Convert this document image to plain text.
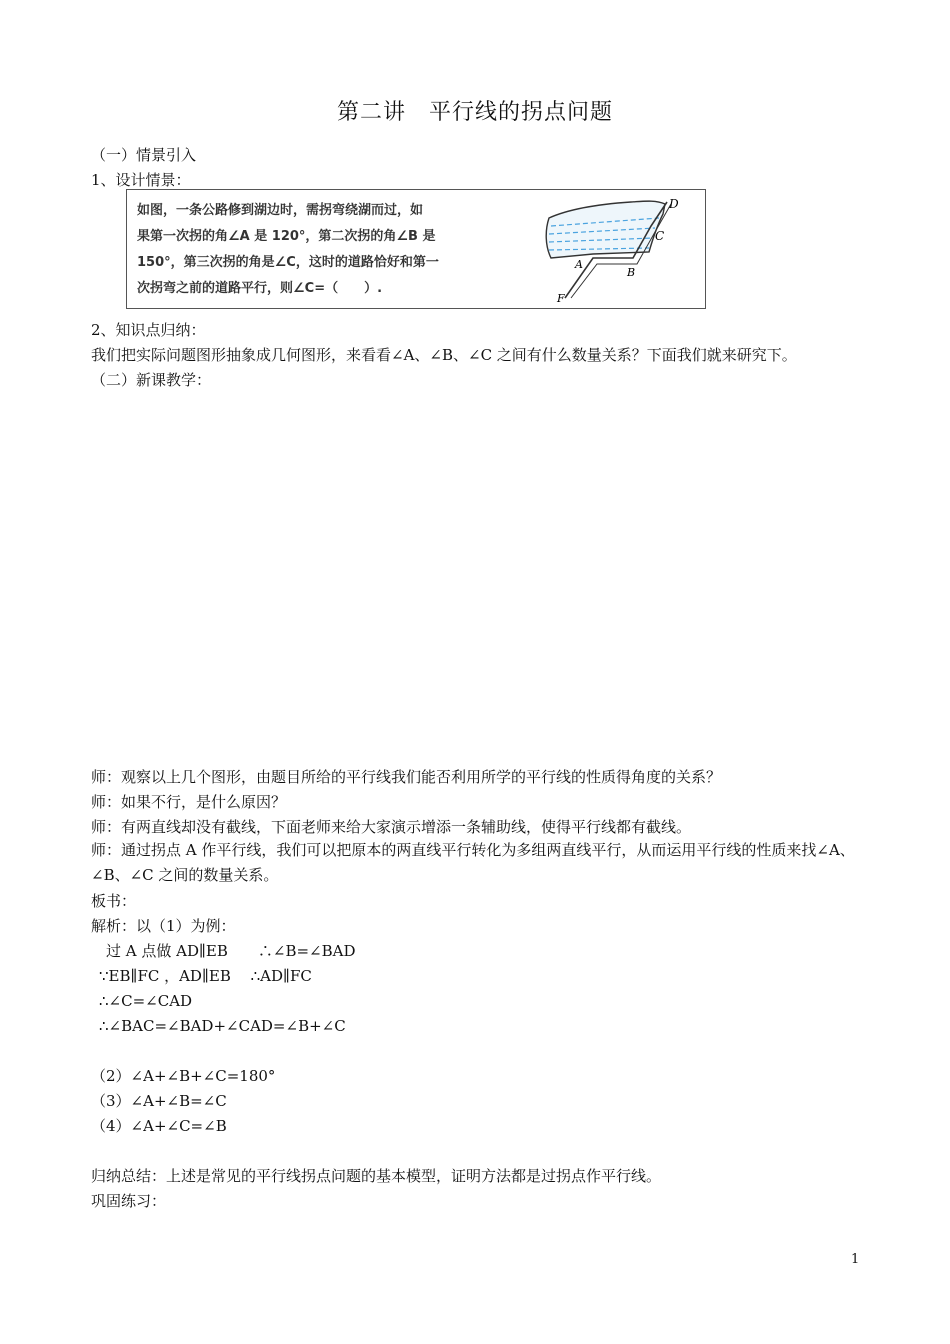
第二讲　平行线的拐点问题
（一）情景引入
1、设计情景：

如图，一条公路修到湖边时，需拐弯绕湖而过，如

果第一次拐的角∠A 是 120°，第二次拐的角∠B 是

150°，第三次拐的角是∠C，这时的道路恰好和第一

次拐弯之前的道路平行，则∠C=（　　）.

D
C
A
B
F
2、知识点归纳：
我们把实际问题图形抽象成几何图形，来看看∠A、∠B、∠C 之间有什么数量关系？下面我们就来研究下。
（二）新课教学：
师：观察以上几个图形，由题目所给的平行线我们能否利用所学的平行线的性质得角度的关系？
师：如果不行，是什么原因？
师：有两直线却没有截线，下面老师来给大家演示增添一条辅助线，使得平行线都有截线。
师：通过拐点 A 作平行线，我们可以把原本的两直线平行转化为多组两直线平行，从而运用平行线的性质来找∠A、∠B、∠C 之间的数量关系。
板书：
解析：以（1）为例：
　过 A 点做 AD∥EB　　∴∠B=∠BAD
∵EB∥FC ，AD∥EB　 ∴AD∥FC
∴∠C=∠CAD
∴∠BAC=∠BAD+∠CAD=∠B+∠C
（2）∠A+∠B+∠C=180°
（3）∠A+∠B=∠C
（4）∠A+∠C=∠B
归纳总结：上述是常见的平行线拐点问题的基本模型，证明方法都是过拐点作平行线。
巩固练习：
1
